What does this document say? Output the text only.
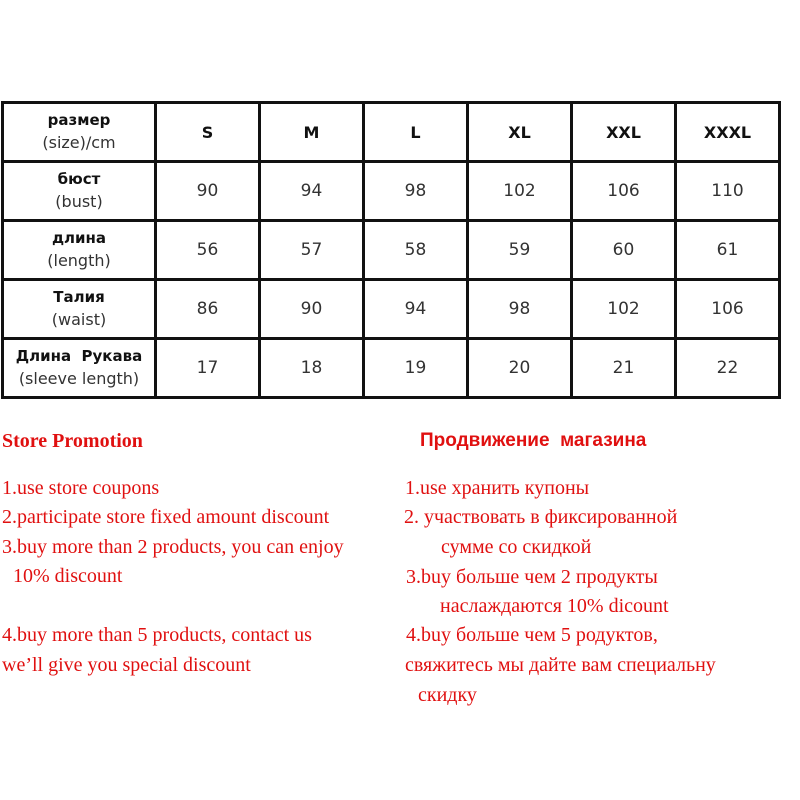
размер
(size)/cm	S	M	L	XL	XXL	XXXL

бюст
(bust)	90	94	98	102	106	110

длина
(length)	56	57	58	59	60	61

Талия
(waist)	86	90	94	98	102	106

Длина  Рукава
(sleeve length)	17	18	19	20	21	22
Store Promotion
1.use store coupons
2.participate store fixed amount discount
3.buy more than 2 products, you can enjoy
10% discount
4.buy more than 5 products, contact us
we’ll give you special discount
Продвижение  магазина
1.use хранить купоны
2. участвовать в фиксированной
сумме со скидкой
3.buy больше чем 2 продукты
наслаждаются 10% dicount
4.buy больше чем 5 родуктов,
свяжитесь мы дайте вам специальну
скидку
